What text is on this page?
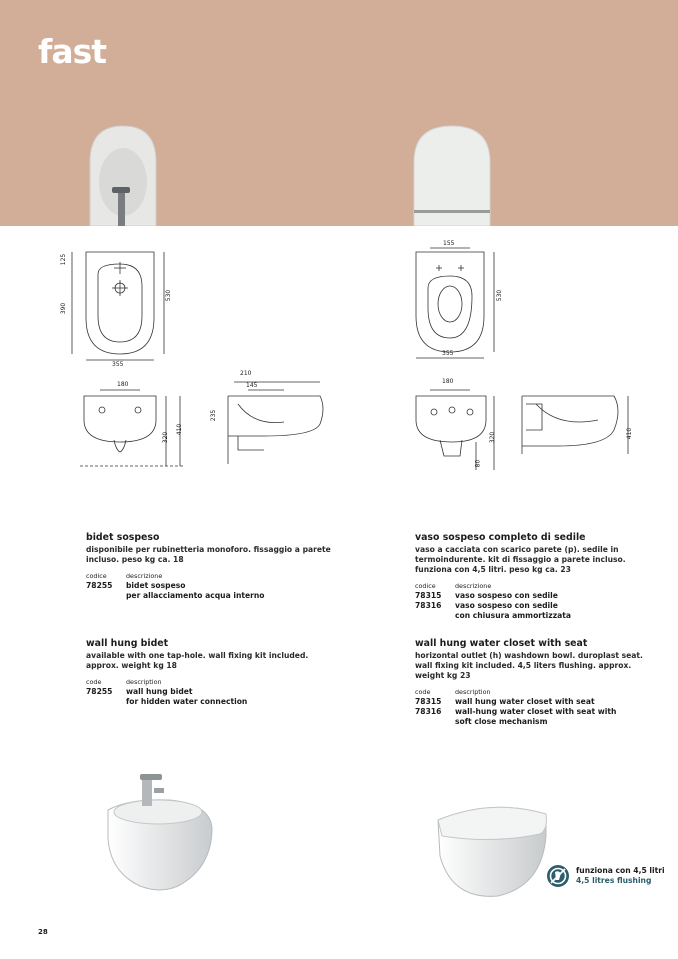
fast
125
390
530
355
180
320
410
210
145
235
155
530
355
180
320
80
410
bidet sospeso
disponibile per rubinetteria monoforo. fissaggio a parete incluso. peso kg ca. 18
codice	descrizione
78255	bidet sospeso
per allacciamento acqua interno
wall hung bidet
available with one tap-hole. wall fixing kit included. approx. weight kg 18
code	description
78255	wall hung bidet
for hidden water connection
vaso sospeso completo di sedile
vaso a cacciata con scarico parete (p). sedile in termoindurente. kit di fissaggio a parete incluso. funziona con 4,5 litri. peso kg ca. 23
codice	descrizione
78315	vaso sospeso con sedile
78316	vaso sospeso con sedile
con chiusura ammortizzata
wall hung water closet with seat
horizontal outlet (h) washdown bowl. duroplast seat. wall fixing kit included. 4,5 liters flushing. approx. weight kg 23
code	description
78315	wall hung water closet with seat
78316	wall-hung water closet with seat with
soft close mechanism
funziona con 4,5 litri
4,5 litres flushing
28
